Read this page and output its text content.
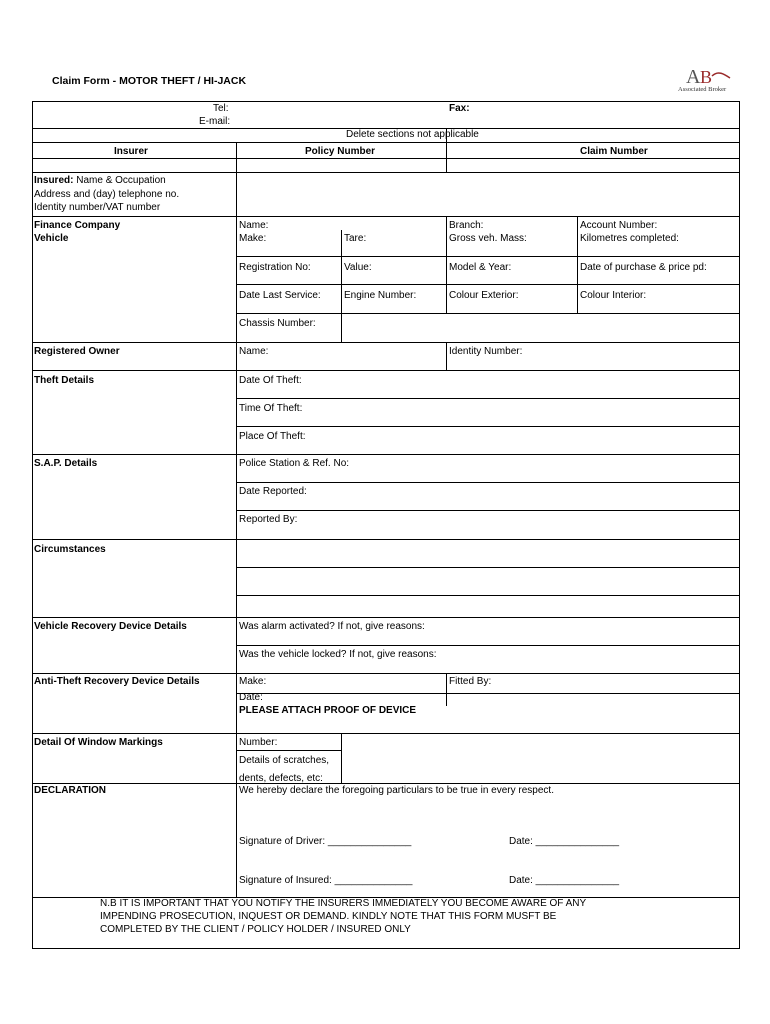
Claim Form - MOTOR THEFT / HI-JACK	A B
Associated Broker
Tel:
E-mail:
Fax:
Delete sections not applicable
Insurer	Policy Number	Claim Number
Insured: Name & Occupation
Address and (day) telephone no.
Identity number/VAT number
Finance Company
Vehicle
Name:	Branch:	Account Number:
Make:	Tare:	Gross veh. Mass:	Kilometres completed:
Registration No:	Value:	Model & Year:	Date of purchase & price pd:
Date Last Service: Engine Number:	Colour Exterior:	Colour Interior:
Chassis Number:
Registered Owner	Name:	Identity Number:
Theft Details	Date Of Theft:
Time Of Theft:
Place Of Theft:
S.A.P. Details	Police Station & Ref. No:
Date Reported:
Reported By:
Circumstances
Vehicle Recovery Device Details	Was alarm activated? If not, give reasons:
Was the vehicle locked? If not, give reasons:
Anti-Theft Recovery Device Details	Make:	Fitted By:
Date:
PLEASE ATTACH PROOF OF DEVICE
Detail Of Window Markings	Number:
Details of scratches,
dents, defects, etc:
DECLARATION	We hereby declare the foregoing particulars to be true in every respect.
Signature of Driver: _______________	Date: _______________
Signature of Insured: ______________	Date: _______________
N.B IT IS IMPORTANT THAT YOU NOTIFY THE INSURERS IMMEDIATELY YOU BECOME AWARE OF ANY
IMPENDING PROSECUTION, INQUEST OR DEMAND. KINDLY NOTE THAT THIS FORM MUSFT BE
COMPLETED BY THE CLIENT / POLICY HOLDER / INSURED ONLY
